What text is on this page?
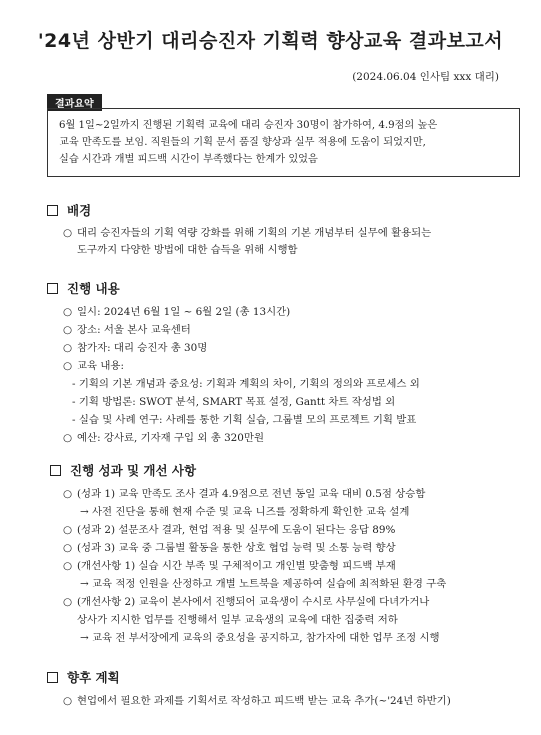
'24년 상반기 대리승진자 기획력 향상교육 결과보고서
(2024.06.04 인사팀 xxx 대리)
결과요약
6월 1일~2일까지 진행된 기획력 교육에 대리 승진자 30명이 참가하여, 4.9점의 높은
교육 만족도를 보임. 직원들의 기획 문서 품질 향상과 실무 적용에 도움이 되었지만,
실습 시간과 개별 피드백 시간이 부족했다는 한계가 있었음
배경
○ 대리 승진자들의 기획 역량 강화를 위해 기획의 기본 개념부터 실무에 활용되는
도구까지 다양한 방법에 대한 습득을 위해 시행함
진행 내용
○ 일시: 2024년 6월 1일 ~ 6월 2일 (총 13시간)
○ 장소: 서울 본사 교육센터
○ 참가자: 대리 승진자 총 30명
○ 교육 내용:
- 기획의 기본 개념과 중요성: 기획과 계획의 차이, 기획의 정의와 프로세스 외
- 기획 방법론: SWOT 분석, SMART 목표 설정, Gantt 차트 작성법 외
- 실습 및 사례 연구: 사례를 통한 기획 실습, 그룹별 모의 프로젝트 기획 발표
○ 예산: 강사료, 기자재 구입 외 총 320만원
진행 성과 및 개선 사항
○ (성과 1) 교육 만족도 조사 결과 4.9점으로 전년 동일 교육 대비 0.5점 상승함
→ 사전 진단을 통해 현재 수준 및 교육 니즈를 정확하게 확인한 교육 설계
○ (성과 2) 설문조사 결과, 현업 적용 및 실무에 도움이 된다는 응답 89%
○ (성과 3) 교육 중 그룹별 활동을 통한 상호 협업 능력 및 소통 능력 향상
○ (개선사항 1) 실습 시간 부족 및 구체적이고 개인별 맞춤형 피드백 부재
→ 교육 적정 인원을 산정하고 개별 노트북을 제공하여 실습에 최적화된 환경 구축
○ (개선사항 2) 교육이 본사에서 진행되어 교육생이 수시로 사무실에 다녀가거나
상사가 지시한 업무를 진행해서 일부 교육생의 교육에 대한 집중력 저하
→ 교육 전 부서장에게 교육의 중요성을 공지하고, 참가자에 대한 업무 조정 시행
향후 계획
○ 현업에서 필요한 과제를 기획서로 작성하고 피드백 받는 교육 추가(~'24년 하반기)
